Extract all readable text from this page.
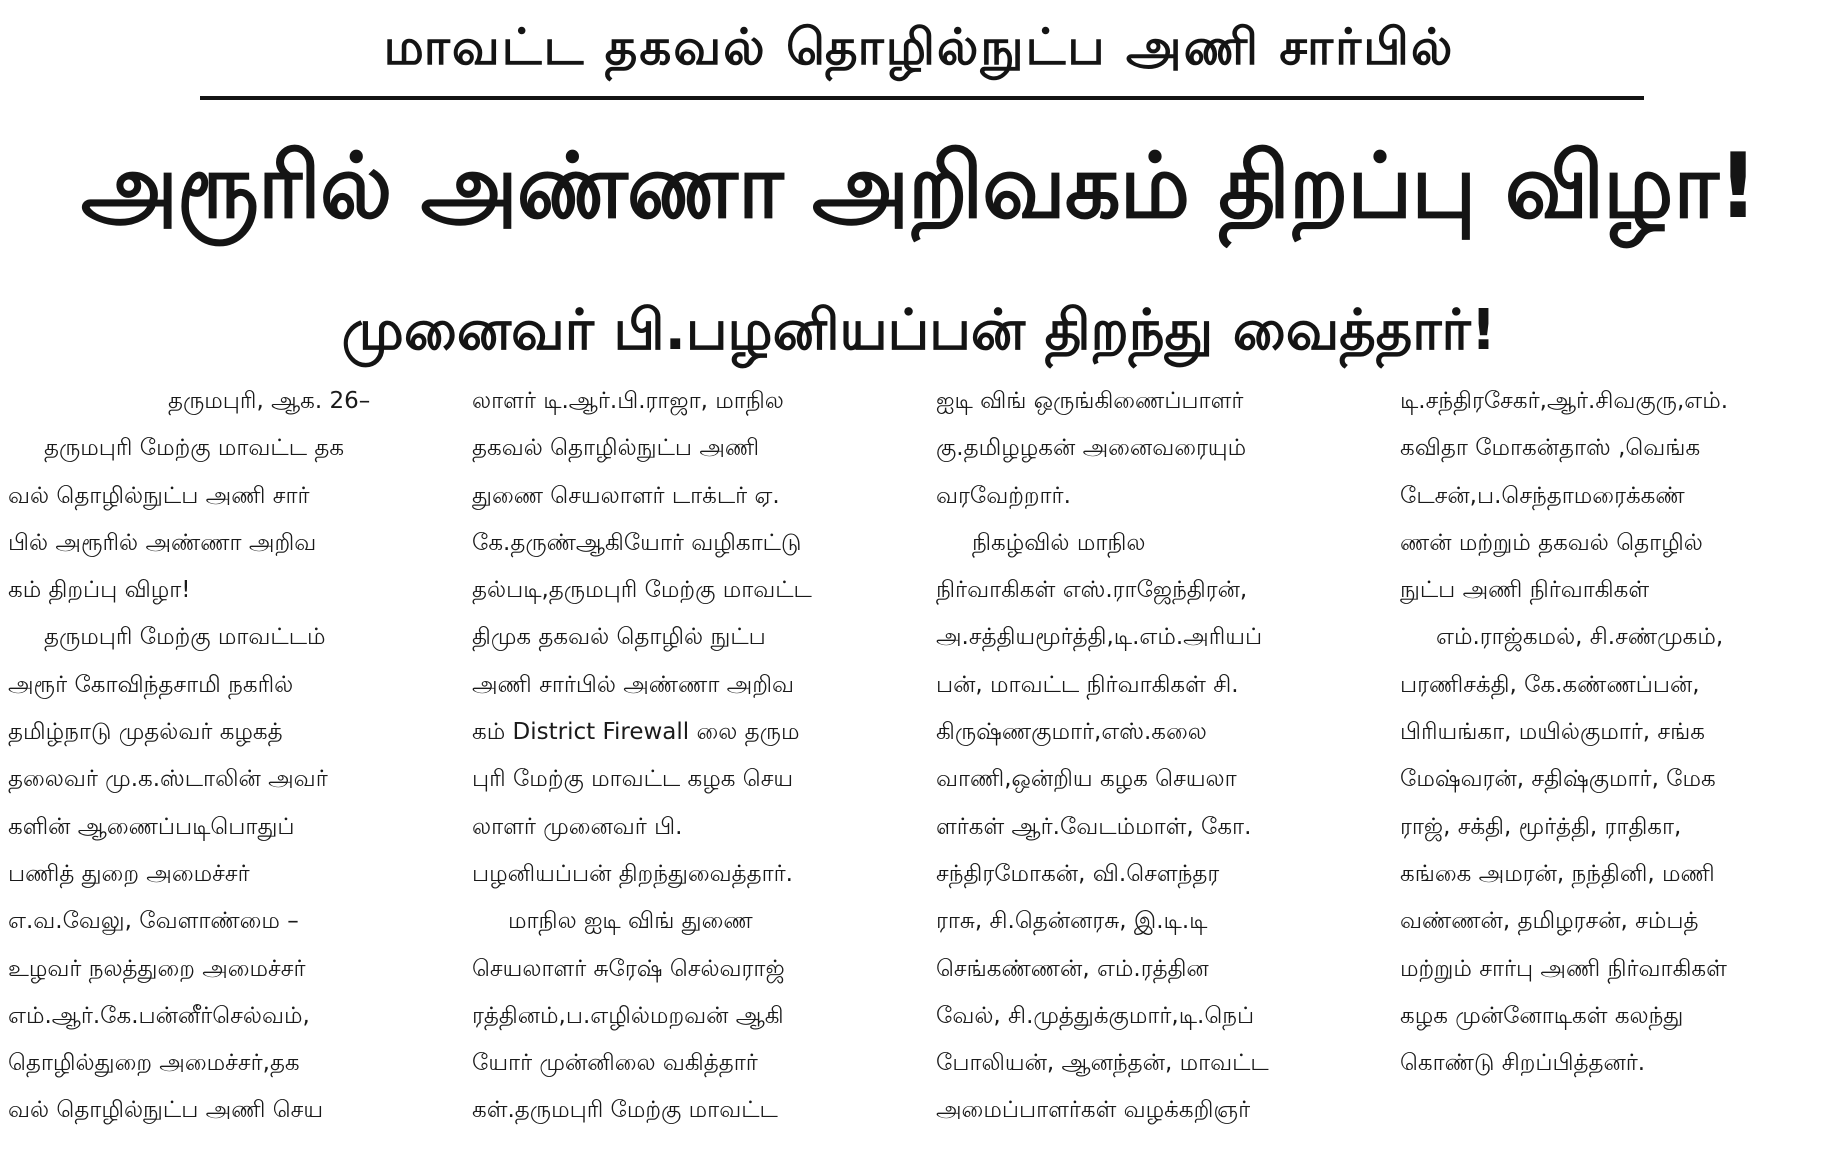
மாவட்ட தகவல் தொழில்நுட்ப அணி சார்பில்
அரூரில் அண்ணா அறிவகம் திறப்பு விழா!
முனைவர் பி.பழனியப்பன் திறந்து வைத்தார்!
தருமபுரி, ஆக. 26–
தருமபுரி மேற்கு மாவட்ட தக
வல் தொழில்நுட்ப அணி சார்
பில் அரூரில் அண்ணா அறிவ
கம் திறப்பு விழா!
தருமபுரி மேற்கு மாவட்டம்
அரூர் கோவிந்தசாமி நகரில்
தமிழ்நாடு முதல்வர் கழகத்
தலைவர் மு.க.ஸ்டாலின் அவர்
களின் ஆணைப்படிபொதுப்
பணித் துறை அமைச்சர்
எ.வ.வேலு, வேளாண்மை –
உழவர் நலத்துறை அமைச்சர்
எம்.ஆர்.கே.பன்னீர்செல்வம்,
தொழில்துறை அமைச்சர்,தக
வல் தொழில்நுட்ப அணி செய
லாளர் டி.ஆர்.பி.ராஜா, மாநில
தகவல் தொழில்நுட்ப அணி
துணை செயலாளர் டாக்டர் ஏ.
கே.தருண்ஆகியோர் வழிகாட்டு
தல்படி,தருமபுரி மேற்கு மாவட்ட
திமுக தகவல் தொழில் நுட்ப
அணி சார்பில் அண்ணா அறிவ
கம் District Firewall லை தரும
புரி மேற்கு மாவட்ட கழக செய
லாளர் முனைவர் பி.
பழனியப்பன் திறந்துவைத்தார்.
மாநில ஐடி விங் துணை
செயலாளர் சுரேஷ் செல்வராஜ்
ரத்தினம்,ப.எழில்மறவன் ஆகி
யோர் முன்னிலை வகித்தார்
கள்.தருமபுரி மேற்கு மாவட்ட
ஐடி விங் ஒருங்கிணைப்பாளர்
கு.தமிழழகன் அனைவரையும்
வரவேற்றார்.
நிகழ்வில் மாநில
நிர்வாகிகள் எஸ்.ராஜேந்திரன்,
அ.சத்தியமூர்த்தி,டி.எம்.அரியப்
பன், மாவட்ட நிர்வாகிகள் சி.
கிருஷ்ணகுமார்,எஸ்.கலை
வாணி,ஒன்றிய கழக செயலா
ளர்கள் ஆர்.வேடம்மாள், கோ.
சந்திரமோகன், வி.சௌந்தர
ராசு, சி.தென்னரசு, இ.டி.டி
செங்கண்ணன், எம்.ரத்தின
வேல், சி.முத்துக்குமார்,டி.நெப்
போலியன், ஆனந்தன், மாவட்ட
அமைப்பாளர்கள் வழக்கறிஞர்
டி.சந்திரசேகர்,ஆர்.சிவகுரு,எம்.
கவிதா மோகன்தாஸ் ,வெங்க
டேசன்,ப.செந்தாமரைக்கண்
ணன் மற்றும் தகவல் தொழில்
நுட்ப அணி நிர்வாகிகள்
எம்.ராஜ்கமல், சி.சண்முகம்,
பரணிசக்தி, கே.கண்ணப்பன்,
பிரியங்கா, மயில்குமார், சங்க
மேஷ்வரன், சதிஷ்குமார், மேக
ராஜ், சக்தி, மூர்த்தி, ராதிகா,
கங்கை அமரன், நந்தினி, மணி
வண்ணன், தமிழரசன், சம்பத்
மற்றும் சார்பு அணி நிர்வாகிகள்
கழக முன்னோடிகள் கலந்து
கொண்டு சிறப்பித்தனர்.
